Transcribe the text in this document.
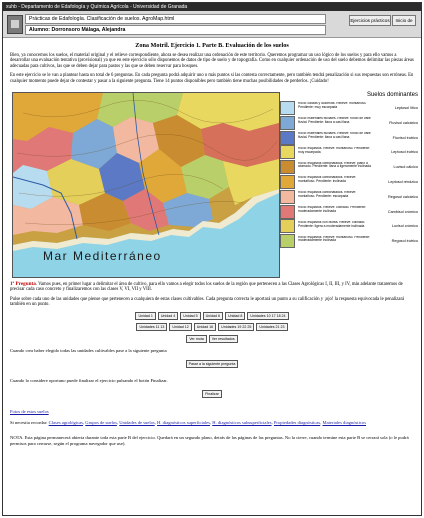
xuhb - Departamento de Edafología y Química Agrícola - Universidad de Granada
Prácticas de Edafología. Clasificación de suelos. AgroMap.html
Alumno: Dorronsoro Málaga, Alejandra
Ejercicios prácticos	Inicio de
Zona Motril. Ejercicio 1. Parte B. Evaluación de los suelos

Bien, ya conocemos los suelos, el material original y el relieve correspondiente, ahora se desea realizar una ordenación de este territorio. Queremos programar un uso lógico de los suelos y para ello vamos a desarrollar una evaluación tentativa (provisional) ya que en este ejercicio sólo disponemos de datos de tipo de suelo y de topografía. Como en cualquier ordenación de uso del suelo debemos delimitar las piezas áreas adecuadas para cultivos, las que se deben dejar para pastos y las que se deben reservar para bosques.

En este ejercicio se le van a plantear hasta un total de 6 preguntas. En cada pregunta podrá adquirir uno o más puntos si las contesta correctamente, pero también tendrá penalización si sus respuestas son erróneas. En cualquier momento puede dejar de contestar y pasar a la siguiente pregunta. Tiene 14 puntos disponibles pero también tiene muchas posibilidades de perderlos. ¡Cuidado!

Mar Mediterráneo
Suelos dominantes
Roca: calizas y dolomías. Relieve: montañoso. Pendiente: muy escarpada	Leptosol lítico
Roca: materiales fluviales. Relieve: fondo de valle fluvial. Pendiente: llana a casi llana	Fluvisol calcárico
Roca: materiales fluviales. Relieve: fondo de valle fluvial. Pendiente: llana a casi llana	Fluvisol éutrico
Roca: esquistos. Relieve: montañoso. Pendiente: muy escarpada	Leptosol éutrico
Roca: esquistos carbonatados. Relieve: plano a alomado. Pendiente: llana a ligeramente inclinada	Luvisol cálcico
Roca: esquistos carbonatados. Relieve: montañoso. Pendiente: inclinada	Leptosol réndzico
Roca: esquistos carbonatados. Relieve: montañoso. Pendiente: escarpada	Regosol calcárico
Roca: esquistos. Relieve: colinado. Pendiente: moderadamente inclinada	Cambisol crómico
Roca: esquistos con biotita. Relieve: colinado. Pendiente: ligera a moderadamente inclinada	Luvisol crómico
Roca: esquistos. Relieve: montañoso. Pendiente: moderadamente inclinada	Regosol éutrico
1ª Pregunta. Vamos pues, en primer lugar a delimitar el área de cultivo, para ello vamos a elegir todos los suelos de la región que pertenecen a las Clases Agrológicas I, II, III, y IV, más adelante trataremos de precisar cada caso concreto y finalizaremos con las clases V, VI, VII y VIII.

Pulse sobre cada uno de las unidades que piense que pertenecen a cualquiera de estas clases cultivables. Cada pregunta correcta le aportará un punto a su calificación y ¡ojo! la respuesta equivocada le penalizará también en un punto.

Unidad 1 Unidad 4 Unidad 5 Unidad 6 Unidad 8 Unidades 10 17 18 24
Unidades 11 13 Unidad 12 Unidad 16 Unidades 19 22 25 Unidades 21 23
Ver mota Ver resultados
Cuando crea haber elegido todas las unidades cultivables pase a la siguiente pregunta
Pasar a la siguiente pregunta
Cuando lo considere oportuno puede finalizar el ejercicio pulsando el botón Finalizar.
Finalizar
Fotos de estos suelos

Si necesita recordar: Clases agrológicas, Grupos de suelos, Unidades de suelos, H. diagnósticos superficiales, H. diagnósticos subsuperficiales, Propiedades diagnósticas, Materiales diagnósticos
NOTA. Esta página permanecerá abierta durante toda esta parte B del ejercicio. Quedará en un segundo plano, detrás de las páginas de las preguntas. No la cierre, cuando termine esta parte B se cerrará sola (o le podrá permisos para cerrarse, según el programa navegador que use).
